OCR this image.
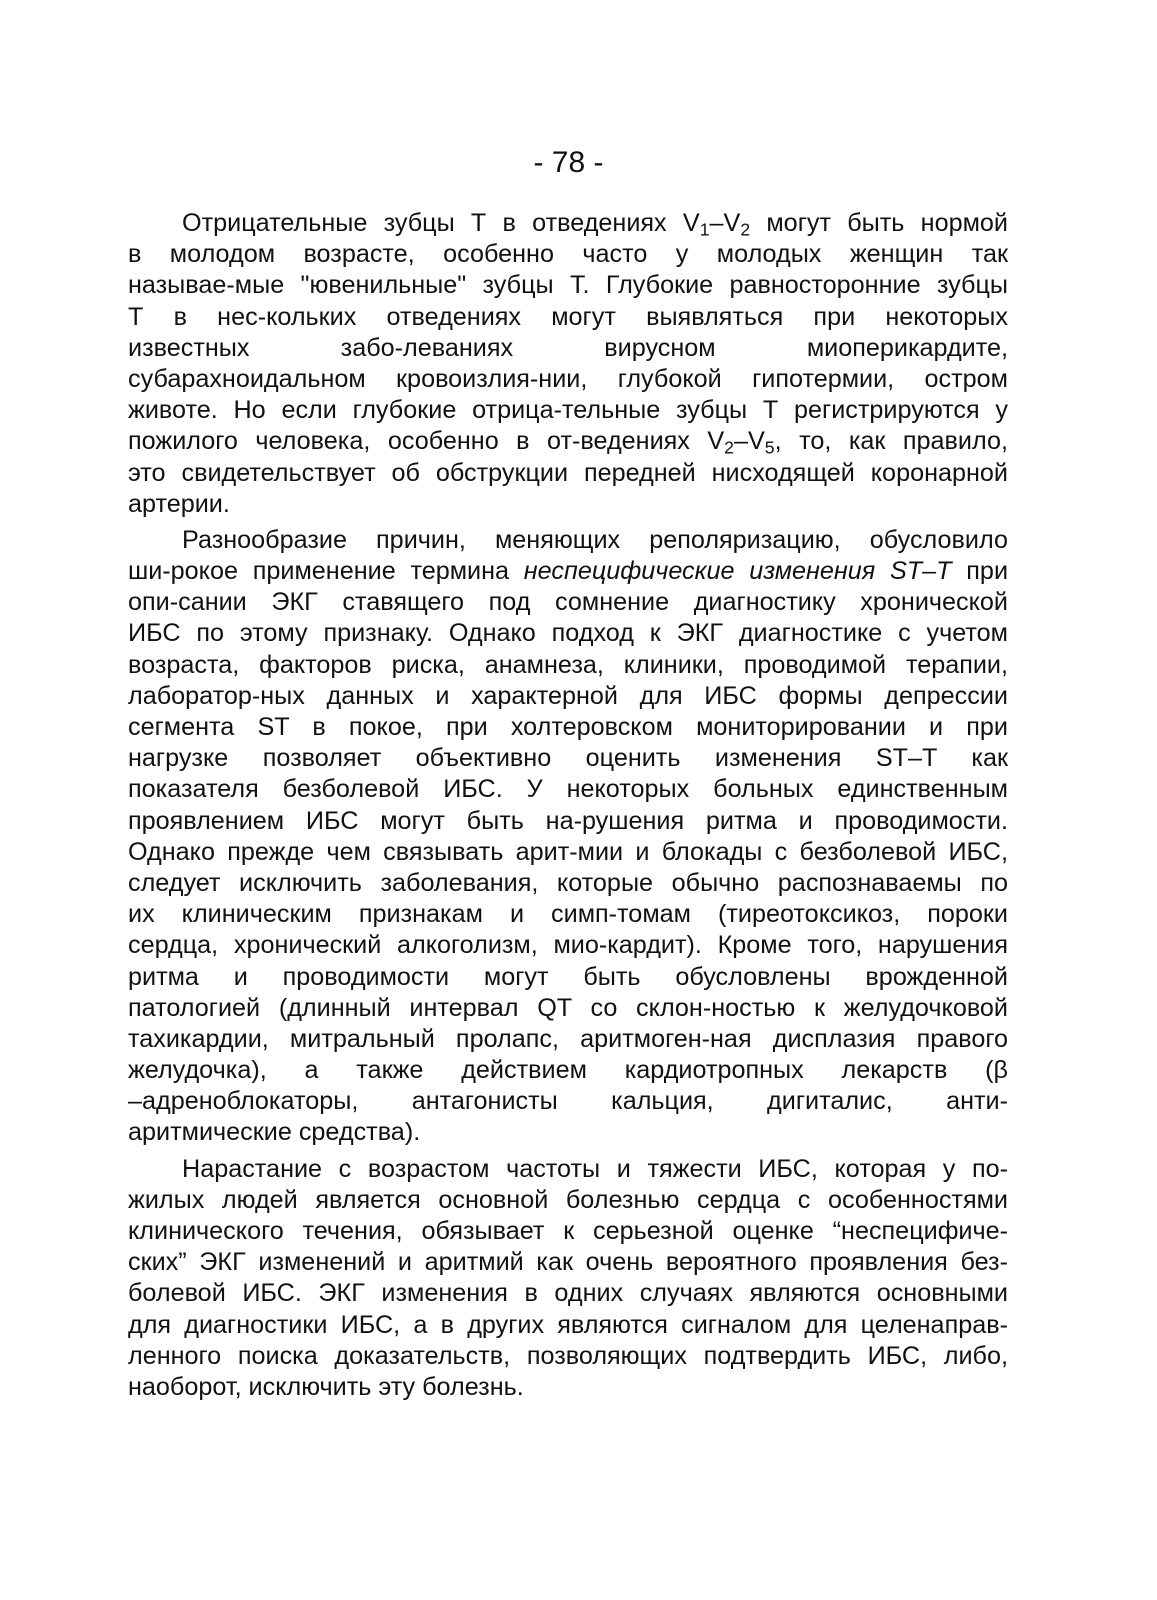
- 78 -
Отрицательные зубцы Т в отведениях $V_1-V_2$ могут быть нормой
в молодом возрасте, особенно часто у молодых женщин так
называе-мые "ювенильные" зубцы Т. Глубокие равносторонние зубцы
Т в нес-кольких отведениях могут выявляться при некоторых
известных забо-леваниях вирусном миоперикардите,
субарахноидальном кровоизлия-нии, глубокой гипотермии, остром
животе. Но если глубокие отрица-тельные зубцы Т регистрируются у
пожилого человека, особенно в от-ведениях $V_2-V_5$, то, как правило,
это свидетельствует об обструкции передней нисходящей коронарной
артерии.
Разнообразие причин, меняющих реполяризацию, обусловило
ши-рокое применение термина неспецифические изменения ST–T при
опи-сании ЭКГ ставящего под сомнение диагностику хронической
ИБС по этому признаку. Однако подход к ЭКГ диагностике с учетом
возраста, факторов риска, анамнеза, клиники, проводимой терапии,
лаборатор-ных данных и характерной для ИБС формы депрессии
сегмента ST в покое, при холтеровском мониторировании и при
нагрузке позволяет объективно оценить изменения ST–T как
показателя безболевой ИБС. У некоторых больных единственным
проявлением ИБС могут быть на-рушения ритма и проводимости.
Однако прежде чем связывать арит-мии и блокады с безболевой ИБС,
следует исключить заболевания, которые обычно распознаваемы по
их клиническим признакам и симп-томам (тиреотоксикоз, пороки
сердца, хронический алкоголизм, мио-кардит). Кроме того, нарушения
ритма и проводимости могут быть обусловлены врожденной
патологией (длинный интервал QT со склон-ностью к желудочковой
тахикардии, митральный пролапс, аритмоген-ная дисплазия правого
желудочка), а также действием кардиотропных лекарств (β
–адреноблокаторы, антагонисты кальция, дигиталис, анти-
аритмические средства).
Нарастание с возрастом частоты и тяжести ИБС, которая у по-
жилых людей является основной болезнью сердца с особенностями
клинического течения, обязывает к серьезной оценке “неспецифиче-
ских” ЭКГ изменений и аритмий как очень вероятного проявления без-
болевой ИБС. ЭКГ изменения в одних случаях являются основными
для диагностики ИБС, а в других являются сигналом для целенаправ-
ленного поиска доказательств, позволяющих подтвердить ИБС, либо,
наоборот, исключить эту болезнь.
